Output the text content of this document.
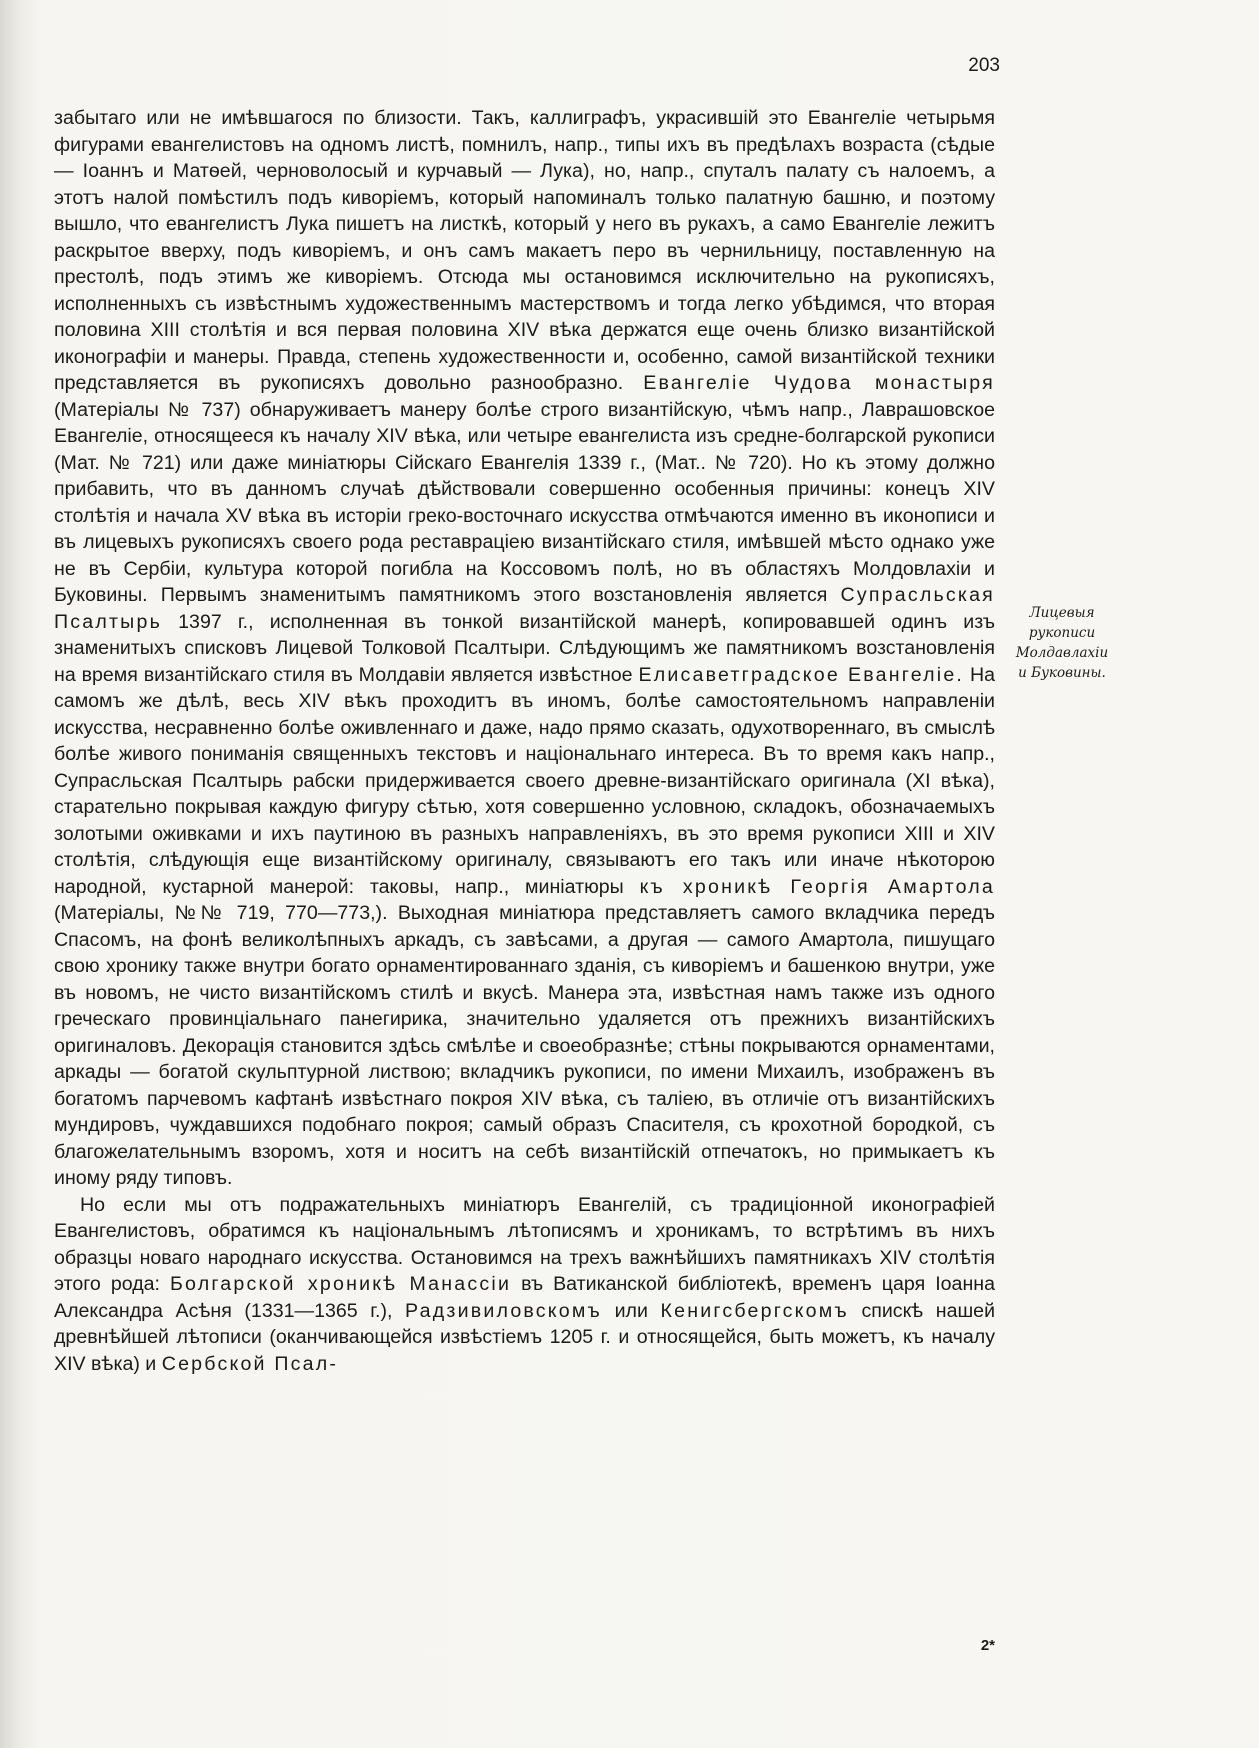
203

забытаго или не имѣвшагося по близости. Такъ, каллиграфъ, украсившій это Евангеліе четырьмя фигурами евангелистовъ на одномъ листѣ, помнилъ, напр., типы ихъ въ предѣлахъ возраста (сѣдые — Іоаннъ и Матѳей, черноволосый и курчавый — Лука), но, напр., спуталъ палату съ налоемъ, а этотъ налой помѣстилъ подъ киворіемъ, который напоминалъ только палатную башню, и поэтому вышло, что евангелистъ Лука пишетъ на листкѣ, который у него въ рукахъ, а само Евангеліе лежитъ раскрытое вверху, подъ киворіемъ, и онъ самъ макаетъ перо въ чернильницу, поставленную на престолѣ, подъ этимъ же киворіемъ. Отсюда мы остановимся исключительно на рукописяхъ, исполненныхъ съ извѣстнымъ художественнымъ мастерствомъ и тогда легко убѣдимся, что вторая половина XIII столѣтія и вся первая половина XIV вѣка держатся еще очень близко византійской иконографіи и манеры. Правда, степень художественности и, особенно, самой византійской техники представляется въ рукописяхъ довольно разнообразно. Евангеліе Чудова монастыря (Матеріалы № 737) обнаруживаетъ манеру болѣе строго византійскую, чѣмъ напр., Лаврашовское Евангеліе, относящееся къ началу XIV вѣка, или четыре евангелиста изъ средне-болгарской рукописи (Мат. № 721) или даже миніатюры Сійскаго Евангелія 1339 г., (Мат.. № 720). Но къ этому должно прибавить, что въ данномъ случаѣ дѣйствовали совершенно особенныя причины: конецъ XIV столѣтія и начала XV вѣка въ исторіи греко-восточнаго искусства отмѣчаются именно въ иконописи и въ лицевыхъ рукописяхъ своего рода реставраціею византійскаго стиля, имѣвшей мѣсто однако уже не въ Сербіи, культура которой погибла на Коссовомъ полѣ, но въ областяхъ Молдовлахіи и Буковины. Первымъ знаменитымъ памятникомъ этого возстановленія является Супрасльская Псалтырь 1397 г., исполненная въ тонкой византійской манерѣ, копировавшей одинъ изъ знаменитыхъ списковъ Лицевой Толковой Псалтыри. Слѣдующимъ же памятникомъ возстановленія на время византійскаго стиля въ Молдавіи является извѣстное Елисаветградское Евангеліе. На самомъ же дѣлѣ, весь XIV вѣкъ проходитъ въ иномъ, болѣе самостоятельномъ направленіи искусства, несравненно болѣе оживленнаго и даже, надо прямо сказать, одухотвореннаго, въ смыслѣ болѣе живого пониманія священныхъ текстовъ и національнаго интереса. Въ то время какъ напр., Супрасльская Псалтырь рабски придерживается своего древне-византійскаго оригинала (XI вѣка), старательно покрывая каждую фигуру сѣтью, хотя совершенно условною, складокъ, обозначаемыхъ золотыми оживками и ихъ паутиною въ разныхъ направленіяхъ, въ это время рукописи XIII и XIV столѣтія, слѣдующія еще византійскому оригиналу, связываютъ его такъ или иначе нѣкоторою народной, кустарной манерой: таковы, напр., миніатюры къ хроникѣ Георгія Амартола (Матеріалы, №№ 719, 770—773,). Выходная миніатюра представляетъ самого вкладчика передъ Спасомъ, на фонѣ великолѣпныхъ аркадъ, съ завѣсами, а другая — самого Амартола, пишущаго свою хронику также внутри богато орнаментированнаго зданія, съ киворіемъ и башенкою внутри, уже въ новомъ, не чисто византійскомъ стилѣ и вкусѣ. Манера эта, извѣстная намъ также изъ одного греческаго провинціальнаго панегирика, значительно удаляется отъ прежнихъ византійскихъ оригиналовъ. Декорація становится здѣсь смѣлѣе и своеобразнѣе; стѣны покрываются орнаментами, аркады — богатой скульптурной листвою; вкладчикъ рукописи, по имени Михаилъ, изображенъ въ богатомъ парчевомъ кафтанѣ извѣстнаго покроя XIV вѣка, съ таліею, въ отличіе отъ византійскихъ мундировъ, чуждавшихся подобнаго покроя; самый образъ Спасителя, съ крохотной бородкой, съ благожелательнымъ взоромъ, хотя и носитъ на себѣ византійскій отпечатокъ, но примыкаетъ къ иному ряду типовъ.

Но если мы отъ подражательныхъ миніатюръ Евангелій, съ традиціонной иконографіей Евангелистовъ, обратимся къ національнымъ лѣтописямъ и хроникамъ, то встрѣтимъ въ нихъ образцы новаго народнаго искусства. Остановимся на трехъ важнѣйшихъ памятникахъ XIV столѣтія этого рода: Болгарской хроникѣ Манассіи въ Ватиканской библіотекѣ, временъ царя Іоанна Александра Асѣня (1331—1365 г.), Радзивиловскомъ или Кенигсбергскомъ спискѣ нашей древнѣйшей лѣтописи (оканчивающейся извѣстіемъ 1205 г. и относящейся, быть можетъ, къ началу XIV вѣка) и Сербской Псал-

Лицевыя
рукописи
Молдавлахіи
и Буковины.
2*
